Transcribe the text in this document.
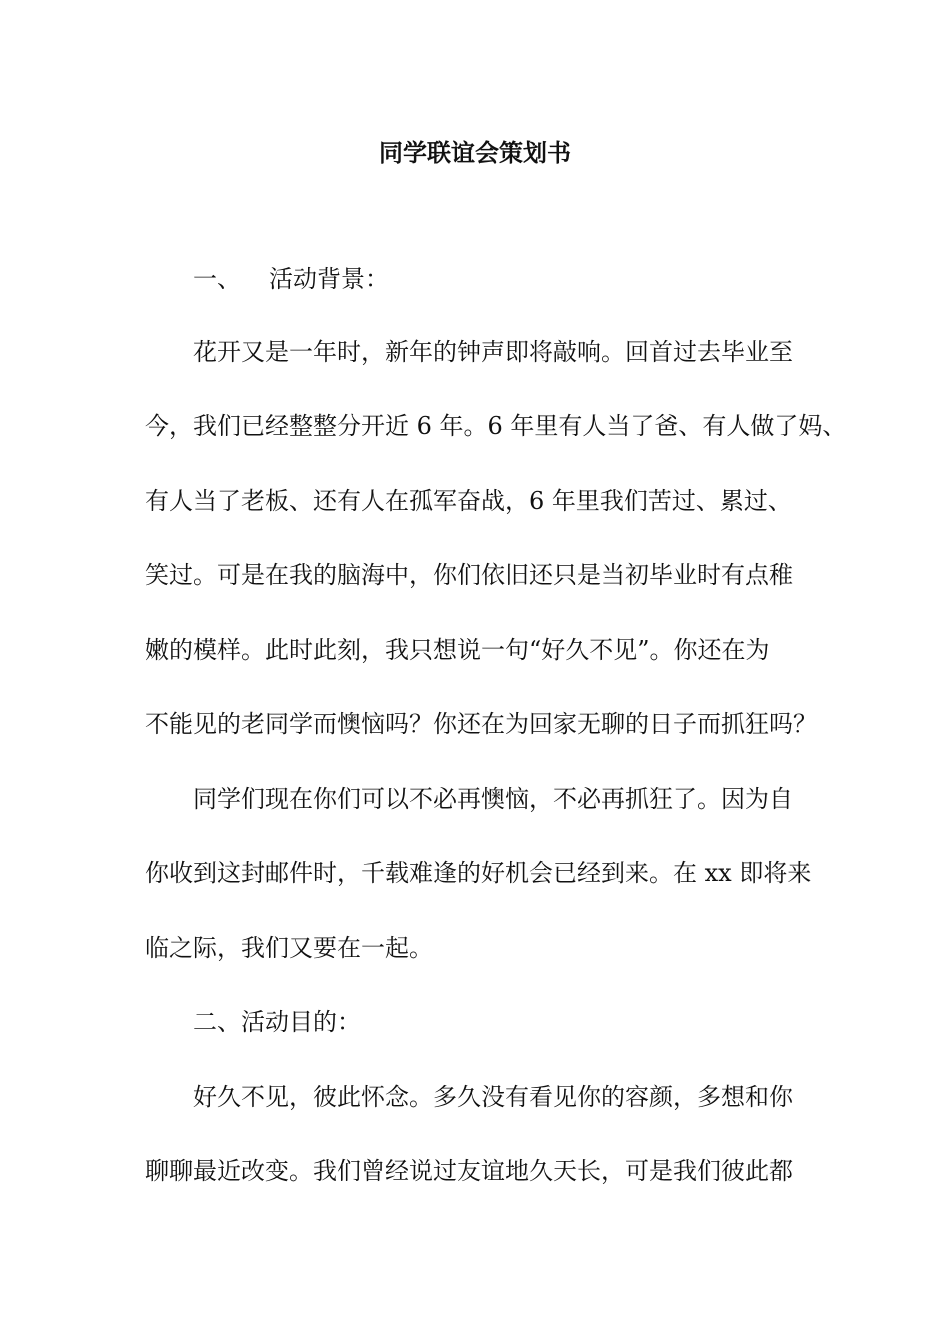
同学联谊会策划书
一、 活动背景：
花开又是一年时，新年的钟声即将敲响。回首过去毕业至
今，我们已经整整分开近 6 年。6 年里有人当了爸、有人做了妈、
有人当了老板、还有人在孤军奋战，6 年里我们苦过、累过、
笑过。可是在我的脑海中，你们依旧还只是当初毕业时有点稚
嫩的模样。此时此刻，我只想说一句“好久不见”。你还在为
不能见的老同学而懊恼吗？你还在为回家无聊的日子而抓狂吗？
同学们现在你们可以不必再懊恼，不必再抓狂了。因为自
你收到这封邮件时，千载难逢的好机会已经到来。在 xx 即将来
临之际，我们又要在一起。
二、活动目的：
好久不见，彼此怀念。多久没有看见你的容颜，多想和你
聊聊最近改变。我们曾经说过友谊地久天长，可是我们彼此都
